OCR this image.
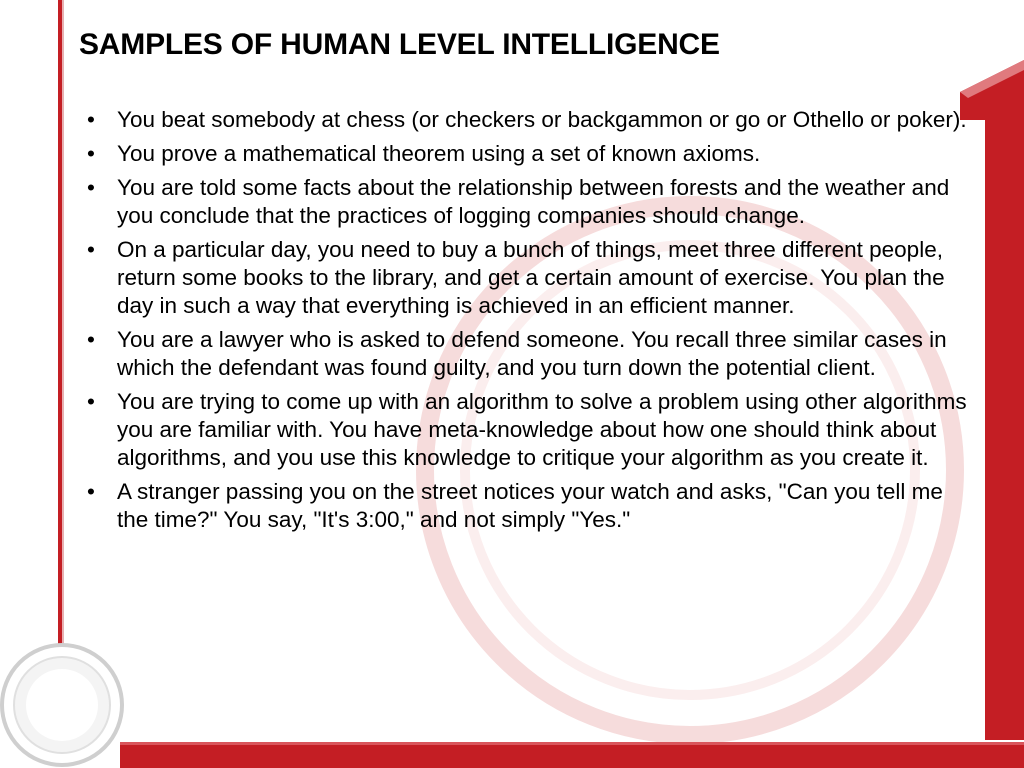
SAMPLES OF HUMAN LEVEL INTELLIGENCE
• You beat somebody at chess (or checkers or backgammon or go or Othello or poker).
• You prove a mathematical theorem using a set of known axioms.
• You are told some facts about the relationship between forests and the weather and you conclude that the practices of logging companies should change.
• On a particular day, you need to buy a bunch of things, meet three different people, return some books to the library, and get a certain amount of exercise. You plan the day in such a way that everything is achieved in an efficient manner.
• You are a lawyer who is asked to defend someone. You recall three similar cases in which the defendant was found guilty, and you turn down the potential client.
• You are trying to come up with an algorithm to solve a problem using other algorithms you are familiar with. You have meta-knowledge about how one should think about algorithms, and you use this knowledge to critique your algorithm as you create it.
• A stranger passing you on the street notices your watch and asks, "Can you tell me the time?" You say, "It's 3:00," and not simply "Yes."
